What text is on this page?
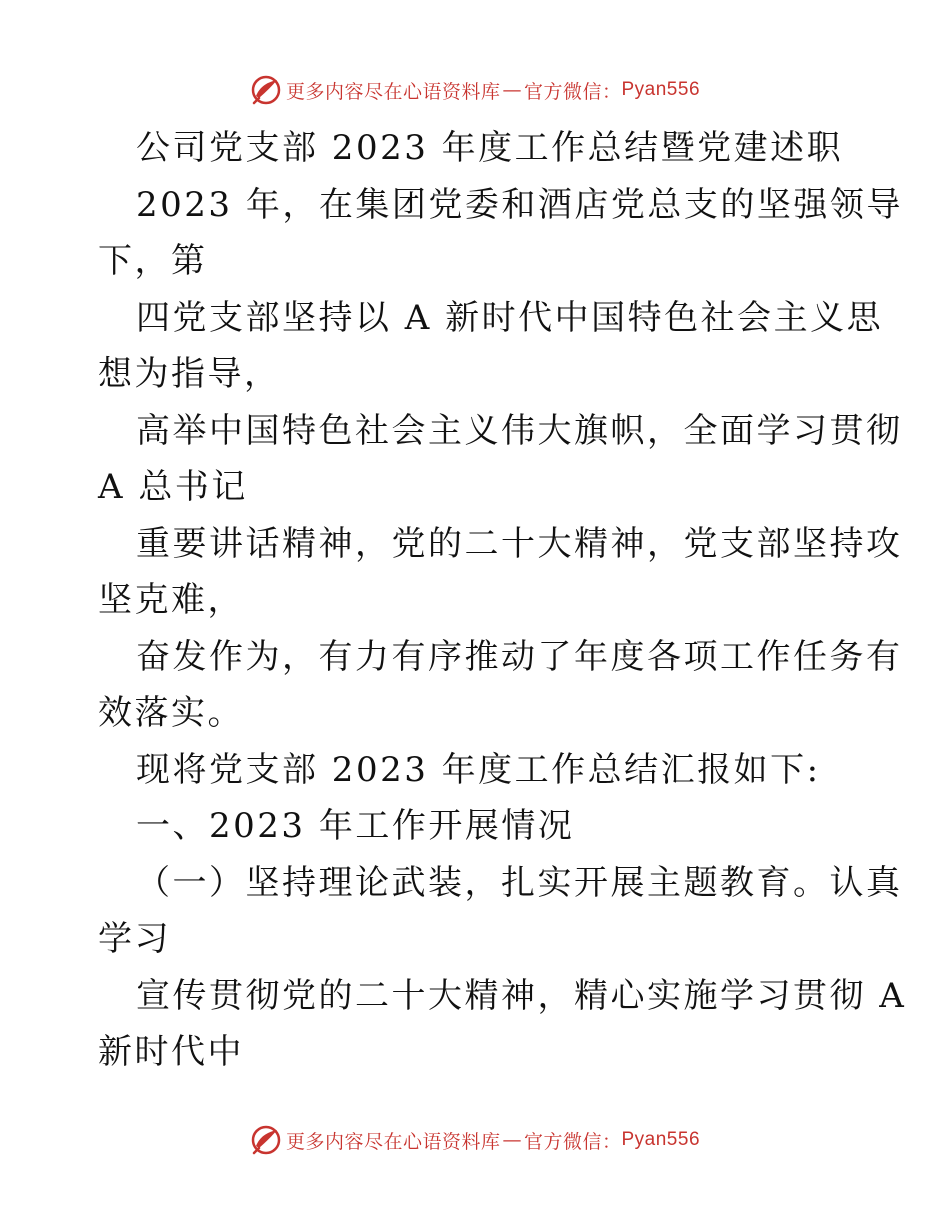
更多内容尽在心语资料库 — 官方微信： Pyan556
公司党支部 2023 年度工作总结暨党建述职
2023 年，在集团党委和酒店党总支的坚强领导
下，第
四党支部坚持以 A 新时代中国特色社会主义思
想为指导，
高举中国特色社会主义伟大旗帜，全面学习贯彻
A 总书记
重要讲话精神，党的二十大精神，党支部坚持攻
坚克难，
奋发作为，有力有序推动了年度各项工作任务有
效落实。
现将党支部 2023 年度工作总结汇报如下:
一、2023 年工作开展情况
（一）坚持理论武装，扎实开展主题教育。认真
学习
宣传贯彻党的二十大精神，精心实施学习贯彻 A
新时代中
更多内容尽在心语资料库 — 官方微信： Pyan556
